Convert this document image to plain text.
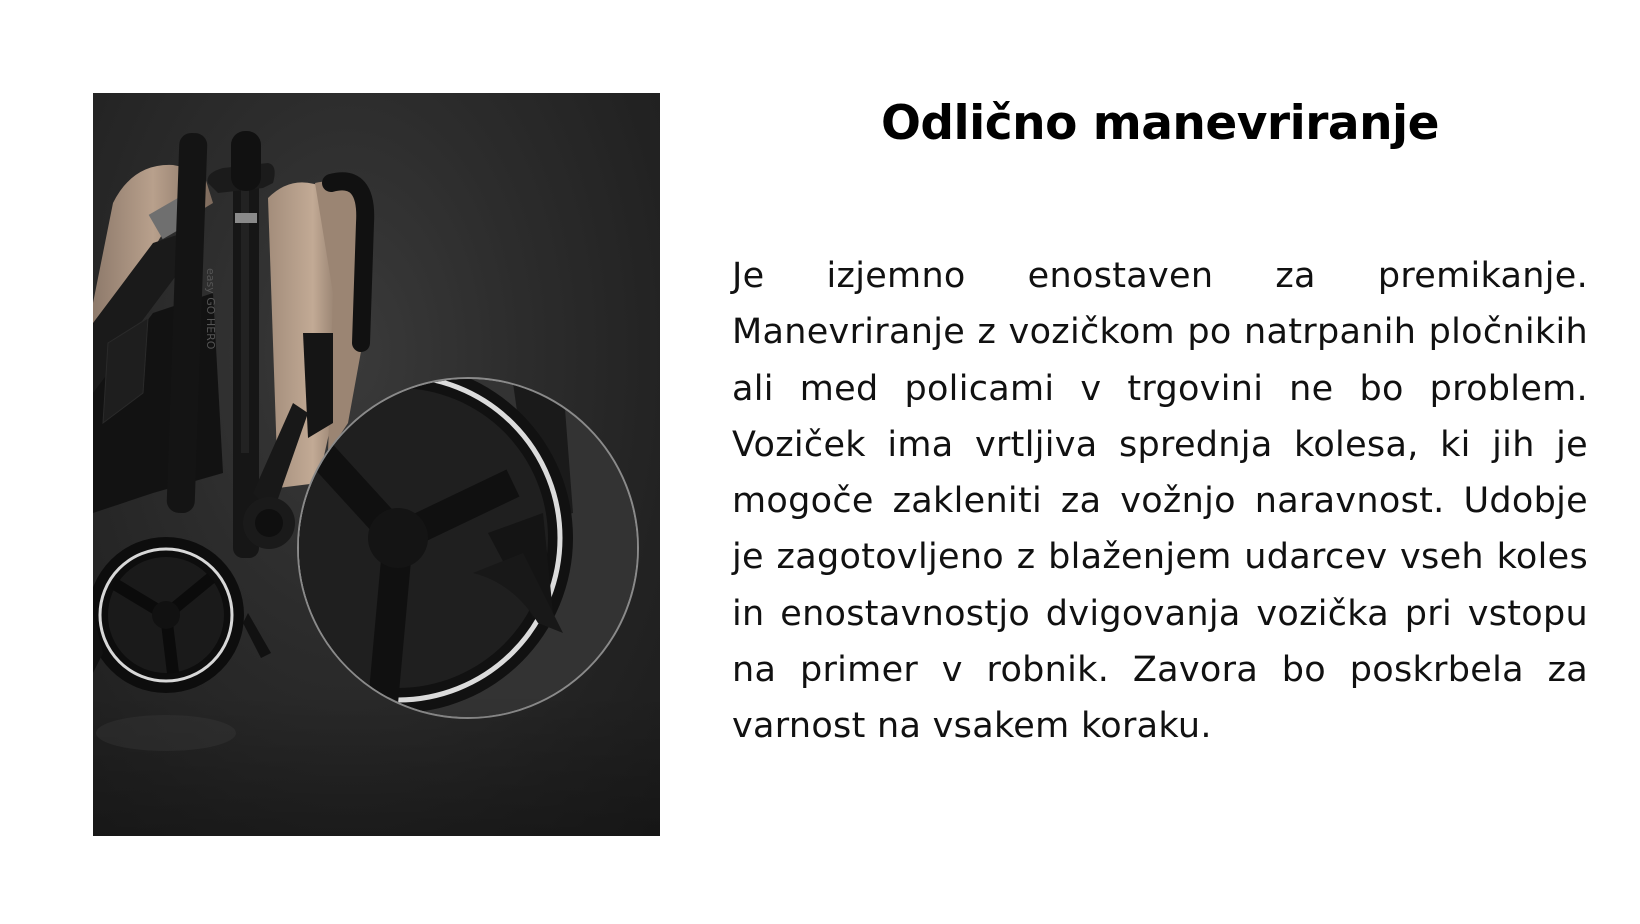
easy GO HERO
Odlično manevriranje

Je izjemno enostaven za premikanje. Manevriranje z vozičkom po natrpanih pločnikih ali med policami v trgovini ne bo problem. Voziček ima vrtljiva sprednja kolesa, ki jih je mogoče zakleniti za vožnjo naravnost. Udobje je zagotovljeno z blaženjem udarcev vseh koles in enostavnostjo dvigovanja vozička pri vstopu na primer v robnik. Zavora bo poskrbela za varnost na vsakem koraku.
